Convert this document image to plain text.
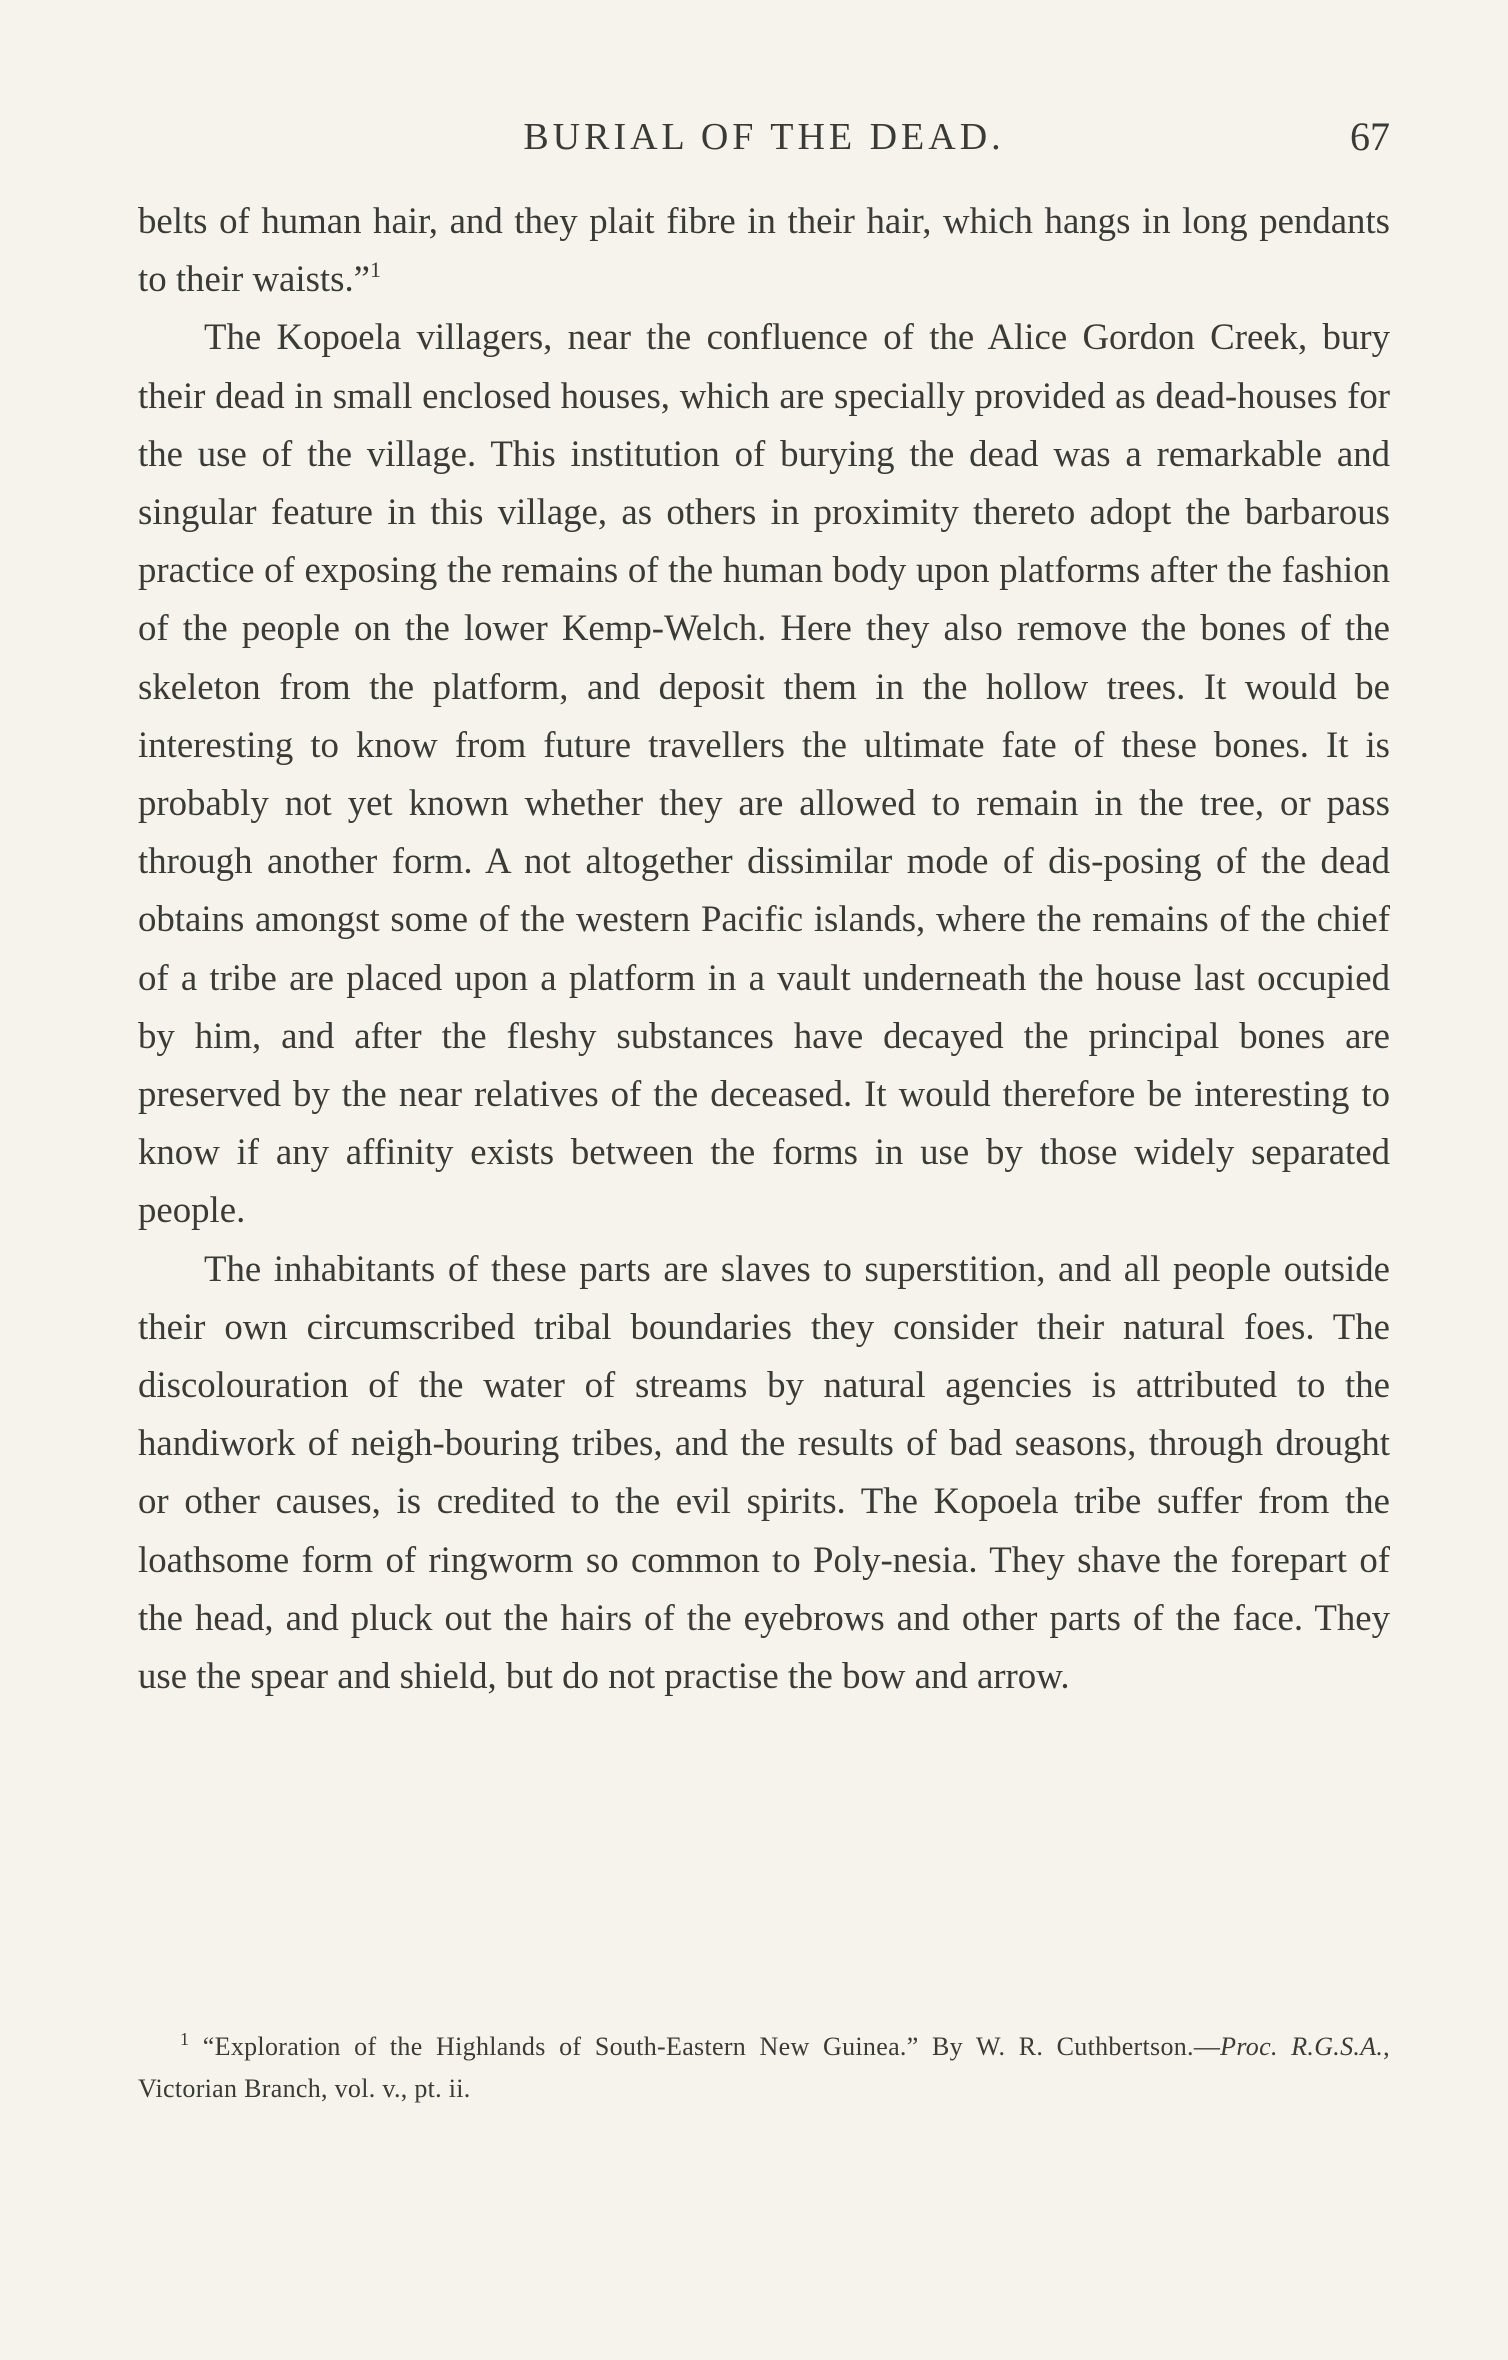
BURIAL OF THE DEAD.	67

belts of human hair, and they plait fibre in their hair, which hangs in long pendants to their waists.”$^1$

The Kopoela villagers, near the confluence of the Alice Gordon Creek, bury their dead in small enclosed houses, which are specially provided as dead-houses for the use of the village. This institution of burying the dead was a remarkable and singular feature in this village, as others in proximity thereto adopt the barbarous practice of exposing the remains of the human body upon platforms after the fashion of the people on the lower Kemp-Welch. Here they also remove the bones of the skeleton from the platform, and deposit them in the hollow trees. It would be interesting to know from future travellers the ultimate fate of these bones. It is probably not yet known whether they are allowed to remain in the tree, or pass through another form. A not altogether dissimilar mode of dis-posing of the dead obtains amongst some of the western Pacific islands, where the remains of the chief of a tribe are placed upon a platform in a vault underneath the house last occupied by him, and after the fleshy substances have decayed the principal bones are preserved by the near relatives of the deceased. It would therefore be interesting to know if any affinity exists between the forms in use by those widely separated people.

The inhabitants of these parts are slaves to superstition, and all people outside their own circumscribed tribal boundaries they consider their natural foes. The discolouration of the water of streams by natural agencies is attributed to the handiwork of neigh-bouring tribes, and the results of bad seasons, through drought or other causes, is credited to the evil spirits. The Kopoela tribe suffer from the loathsome form of ringworm so common to Poly-nesia. They shave the forepart of the head, and pluck out the hairs of the eyebrows and other parts of the face. They use the spear and shield, but do not practise the bow and arrow.

$^1$ “Exploration of the Highlands of South-Eastern New Guinea.” By W. R. Cuthbertson.—Proc. R.G.S.A., Victorian Branch, vol. v., pt. ii.
